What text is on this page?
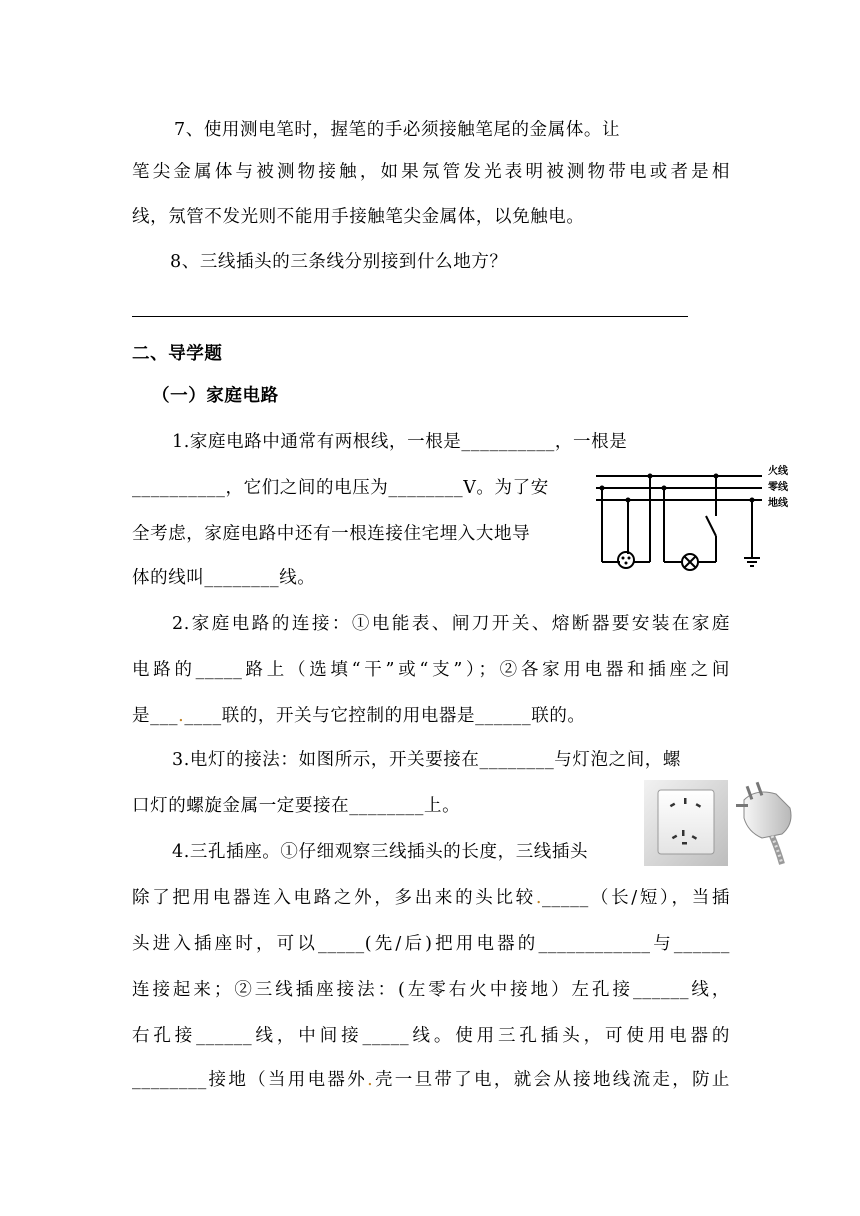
7、使用测电笔时，握笔的手必须接触笔尾的金属体。让
笔尖金属体与被测物接触，如果氖管发光表明被测物带电或者是相
线，氖管不发光则不能用手接触笔尖金属体，以免触电。
8、三线插头的三条线分别接到什么地方？
二、导学题
（一）家庭电路
1.家庭电路中通常有两根线，一根是__________，一根是
__________，它们之间的电压为________V。为了安
全考虑，家庭电路中还有一根连接住宅埋入大地导
体的线叫________线。
火线
零线
地线
2.家庭电路的连接：①电能表、闸刀开关、熔断器要安装在家庭
电路的_____路上（选填“干”或“支”）；②各家用电器和插座之间
是___.____联的，开关与它控制的用电器是______联的。
3.电灯的接法：如图所示，开关要接在________与灯泡之间，螺
口灯的螺旋金属一定要接在________上。
4.三孔插座。①仔细观察三线插头的长度，三线插头
除了把用电器连入电路之外，多出来的头比较._____（长/短），当插
头进入插座时，可以_____(先/后)把用电器的____________与______
连接起来；②三线插座接法：(左零右火中接地）左孔接______线，
右孔接______线，中间接_____线。使用三孔插头，可使用电器的
________接地（当用电器外.壳一旦带了电，就会从接地线流走，防止
